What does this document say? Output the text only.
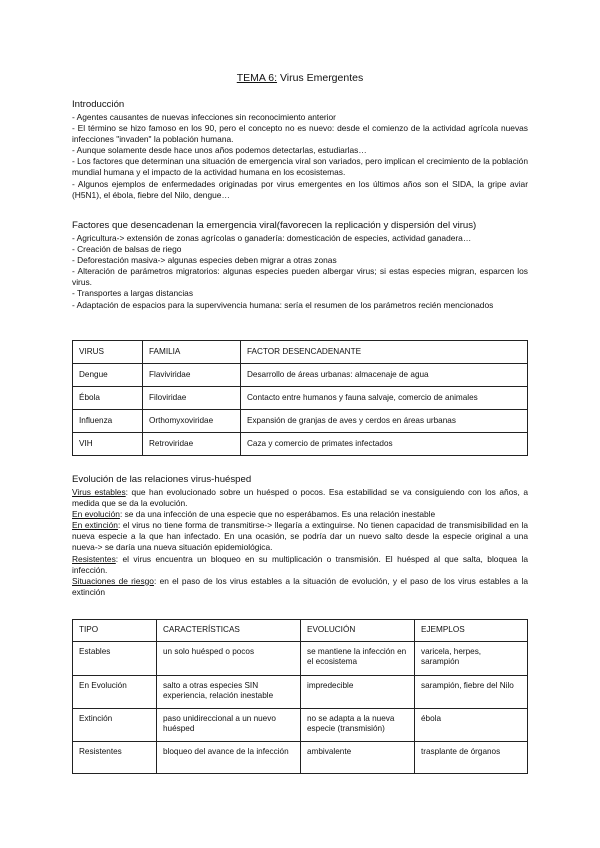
TEMA 6: Virus Emergentes
Introducción
- Agentes causantes de nuevas infecciones sin reconocimiento anterior
- El término se hizo famoso en los 90, pero el concepto no es nuevo: desde el comienzo de la actividad agrícola nuevas infecciones "invaden" la población humana.
- Aunque solamente desde hace unos años podemos detectarlas, estudiarlas…
- Los factores que determinan una situación de emergencia viral son variados, pero implican el crecimiento de la población mundial humana y el impacto de la actividad humana en los ecosistemas.
- Algunos ejemplos de enfermedades originadas por virus emergentes en los últimos años son el SIDA, la gripe aviar (H5N1), el ébola, fiebre del Nilo, dengue…
Factores que desencadenan la emergencia viral(favorecen la replicación y dispersión del virus)
- Agricultura-> extensión de zonas agrícolas o ganadería: domesticación de especies, actividad ganadera…
- Creación de balsas de riego
- Deforestación masiva-> algunas especies deben migrar a otras zonas
- Alteración de parámetros migratorios: algunas especies pueden albergar virus; si estas especies migran, esparcen los virus.
- Transportes a largas distancias
- Adaptación de espacios para la supervivencia humana: sería el resumen de los parámetros recién mencionados
VIRUS	FAMILIA	FACTOR DESENCADENANTE
Dengue	Flaviviridae	Desarrollo de áreas urbanas: almacenaje de agua
Ébola	Filoviridae	Contacto entre humanos y fauna salvaje, comercio de animales
Influenza	Orthomyxoviridae	Expansión de granjas de aves y cerdos en áreas urbanas
VIH	Retroviridae	Caza y comercio de primates infectados
Evolución de las relaciones virus-huésped
Virus estables: que han evolucionado sobre un huésped o pocos. Esa estabilidad se va consiguiendo con los años, a medida que se da la evolución.
En evolución: se da una infección de una especie que no esperábamos. Es una relación inestable
En extinción: el virus no tiene forma de transmitirse-> llegaría a extinguirse. No tienen capacidad de transmisibilidad en la nueva especie a la que han infectado. En una ocasión, se podría dar un nuevo salto desde la especie original a una nueva-> se daría una nueva situación epidemiológica.
Resistentes: el virus encuentra un bloqueo en su multiplicación o transmisión. El huésped al que salta, bloquea la infección.
Situaciones de riesgo: en el paso de los virus estables a la situación de evolución, y el paso de los virus estables a la extinción
TIPO	CARACTERÍSTICAS	EVOLUCIÓN	EJEMPLOS
Estables	un solo huésped o pocos	se mantiene la infección en el ecosistema	varicela, herpes, sarampión
En Evolución	salto a otras especies SIN experiencia, relación inestable	impredecible	sarampión, fiebre del Nilo
Extinción	paso unidireccional a un nuevo huésped	no se adapta a la nueva especie (transmisión)	ébola
Resistentes	bloqueo del avance de la infección	ambivalente	trasplante de órganos
